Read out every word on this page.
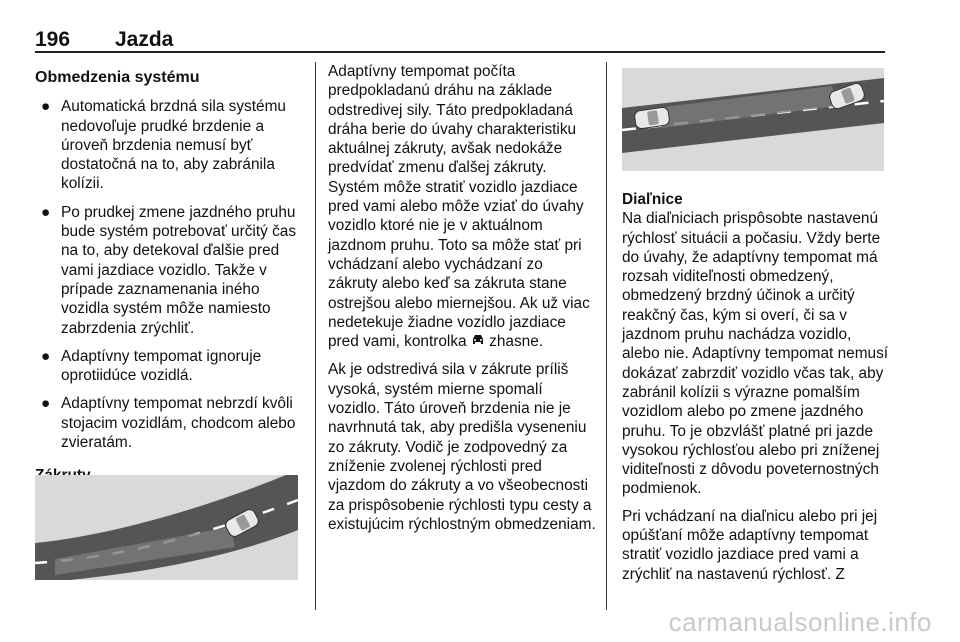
196 Jazda
Obmedzenia systému
● Automatická brzdná sila systému nedovoľuje prudké brzdenie a úroveň brzdenia nemusí byť dostatočná na to, aby zabránila kolízii.
● Po prudkej zmene jazdného pruhu bude systém potrebovať určitý čas na to, aby detekoval ďalšie pred vami jazdiace vozidlo. Takže v prípade zaznamenania iného vozidla systém môže namiesto zabrzdenia zrýchliť.
● Adaptívny tempomat ignoruje oprotiidúce vozidlá.
● Adaptívny tempomat nebrzdí kvôli stojacim vozidlám, chodcom alebo zvieratám.

Adaptívny tempomat počíta predpokladanú dráhu na základe odstredivej sily. Táto predpokladaná dráha berie do úvahy charakteristiku aktuálnej zákruty, avšak nedokáže predvídať zmenu ďalšej zákruty. Systém môže stratiť vozidlo jazdiace pred vami alebo môže vziať do úvahy vozidlo ktoré nie je v aktuálnom jazdnom pruhu. Toto sa môže stať pri vchádzaní alebo vychádzaní zo zákruty alebo keď sa zákruta stane ostrejšou alebo miernejšou. Ak už viac nedetekuje žiadne vozidlo jazdiace pred vami, kontrolka zhasne.

Ak je odstredivá sila v zákrute príliš vysoká, systém mierne spomalí vozidlo. Táto úroveň brzdenia nie je navrhnutá tak, aby predišla vyseneniu zo zákruty. Vodič je zodpovedný za zníženie zvolenej rýchlosti pred vjazdom do zákruty a vo všeobecnosti za prispôsobenie rýchlosti typu cesty a existujúcim rýchlostným obmedzeniam.

Diaľnice

Na diaľniciach prispôsobte nastavenú rýchlosť situácii a počasiu. Vždy berte do úvahy, že adaptívny tempomat má rozsah viditeľnosti obmedzený, obmedzený brzdný účinok a určitý reakčný čas, kým si overí, či sa v jazdnom pruhu nachádza vozidlo, alebo nie. Adaptívny tempomat nemusí dokázať zabrzdiť vozidlo včas tak, aby zabránil kolízii s výrazne pomalším vozidlom alebo po zmene jazdného pruhu. To je obzvlášť platné pri jazde vysokou rýchlosťou alebo pri zníženej viditeľnosti z dôvodu poveternostných podmienok.

Pri vchádzaní na diaľnicu alebo pri jej opúšťaní môže adaptívny tempomat stratiť vozidlo jazdiace pred vami a zrýchliť na nastavenú rýchlosť. Z

carmanualsonline.info
